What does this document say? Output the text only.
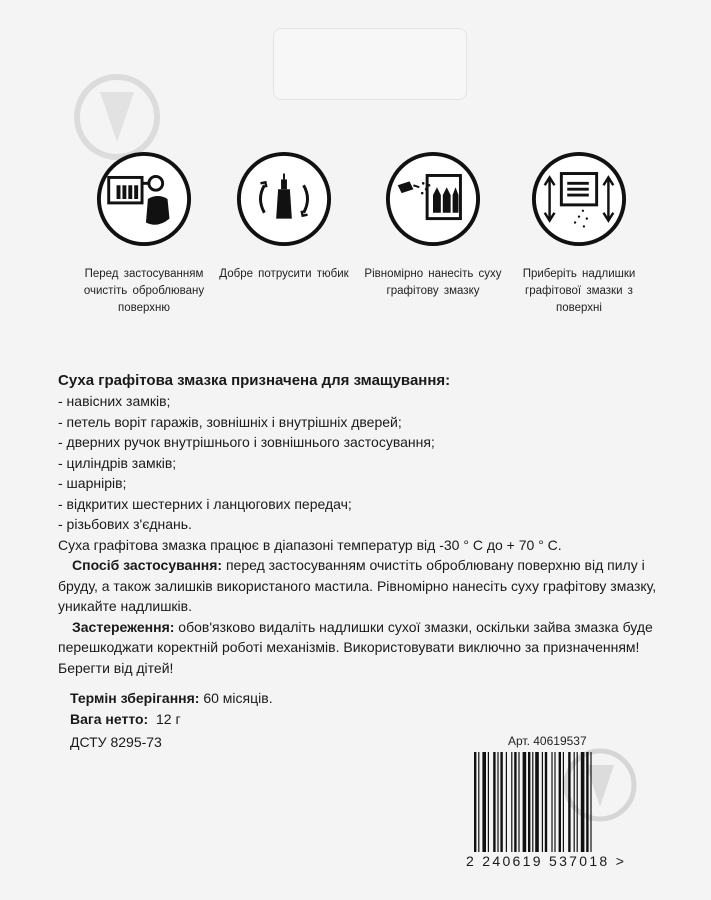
Перед застосуванням очистіть оброблювану поверхню
Добре потрусити тюбик	Рівномірно нанесіть суху графітову змазку
Приберіть надлишки графітової змазки з поверхні

Суха графітова змазка призначена для змащування:

- навісних замків;
- петель воріт гаражів, зовнішніх і внутрішніх дверей;
- дверних ручок внутрішнього і зовнішнього застосування;
- циліндрів замків;
- шарнірів;
- відкритих шестерних і ланцюгових передач;
- різьбових з'єднань.

Суха графітова змазка працює в діапазоні температур від -30 ° С до + 70 ° С.

Спосіб застосування: перед застосуванням очистіть оброблювану поверхню від пилу і бруду, а також залишків використаного мастила. Рівномірно нанесіть суху графітову змазку, уникайте надлишків.

Застереження: обов'язково видаліть надлишки сухої змазки, оскільки зайва змазка буде перешкоджати коректній роботі механізмів. Використовувати виключно за призначенням! Берегти від дітей!

Термін зберігання: 60 місяців.

Вага нетто:  12 г

ДСТУ 8295-73	Арт. 40619537
2 240619 537018 >
